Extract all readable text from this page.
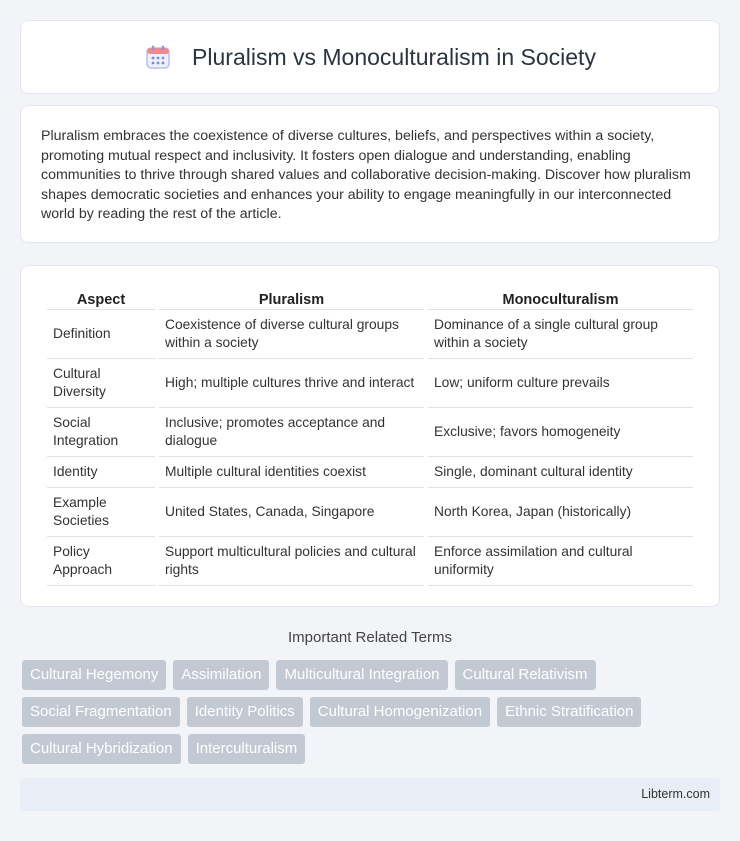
Pluralism vs Monoculturalism in Society

Pluralism embraces the coexistence of diverse cultures, beliefs, and perspectives within a society, promoting mutual respect and inclusivity. It fosters open dialogue and understanding, enabling communities to thrive through shared values and collaborative decision-making. Discover how pluralism shapes democratic societies and enhances your ability to engage meaningfully in our interconnected world by reading the rest of the article.

Aspect	Pluralism	Monoculturalism
Definition	Coexistence of diverse cultural groups within a society	Dominance of a single cultural group within a society
Cultural Diversity	High; multiple cultures thrive and interact	Low; uniform culture prevails
Social Integration	Inclusive; promotes acceptance and dialogue	Exclusive; favors homogeneity
Identity	Multiple cultural identities coexist	Single, dominant cultural identity
Example Societies	United States, Canada, Singapore	North Korea, Japan (historically)
Policy Approach	Support multicultural policies and cultural rights	Enforce assimilation and cultural uniformity
Important Related Terms
Cultural Hegemony	Assimilation	Multicultural Integration	Cultural Relativism
Social Fragmentation	Identity Politics	Cultural Homogenization	Ethnic Stratification
Cultural Hybridization	Interculturalism
Libterm.com
